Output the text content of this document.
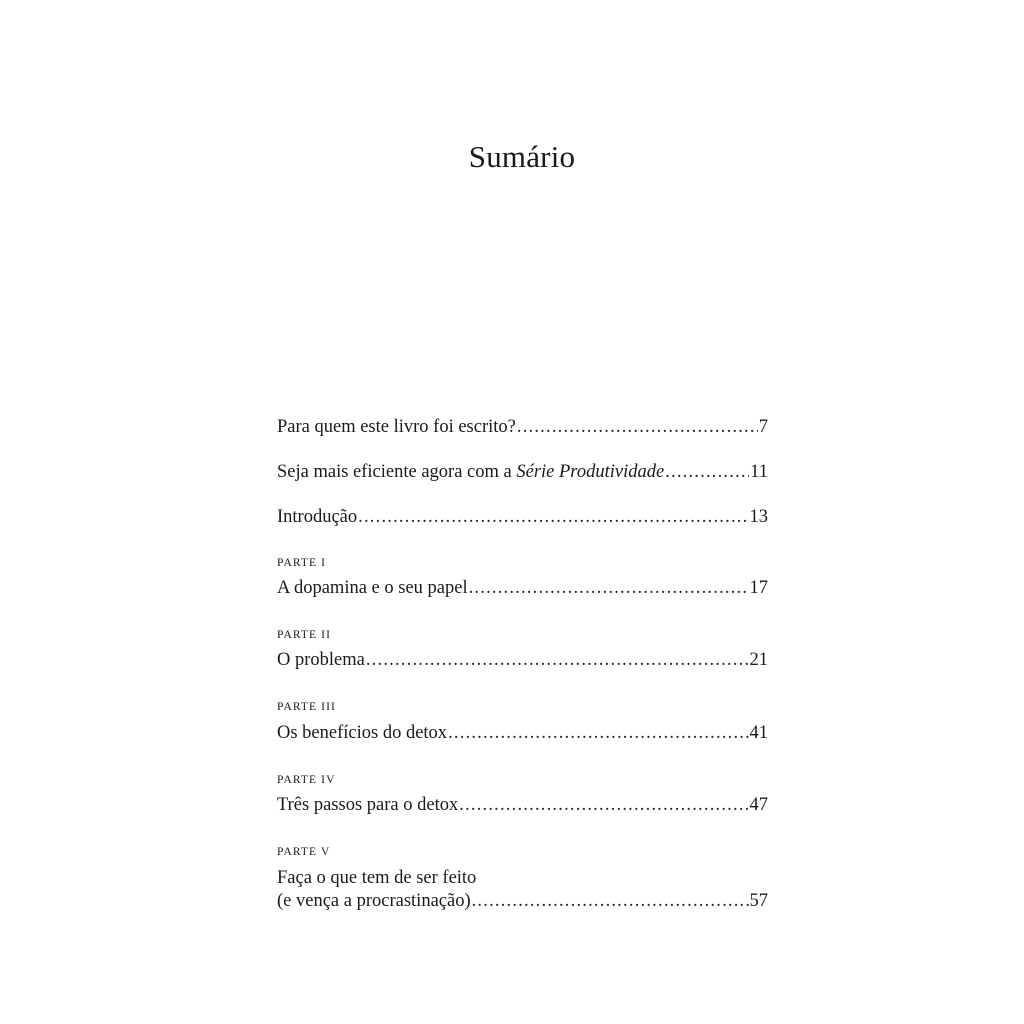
Sumário
Para quem este livro foi escrito? .....	7
Seja mais eficiente agora com a Série Produtividade .....	11
Introdução .....	13
PARTE I
A dopamina e o seu papel .....	17
PARTE II
O problema .....	21
PARTE III
Os benefícios do detox .....	41
PARTE IV
Três passos para o detox .....	47
PARTE V
Faça o que tem de ser feito
(e vença a procrastinação) .....	57
